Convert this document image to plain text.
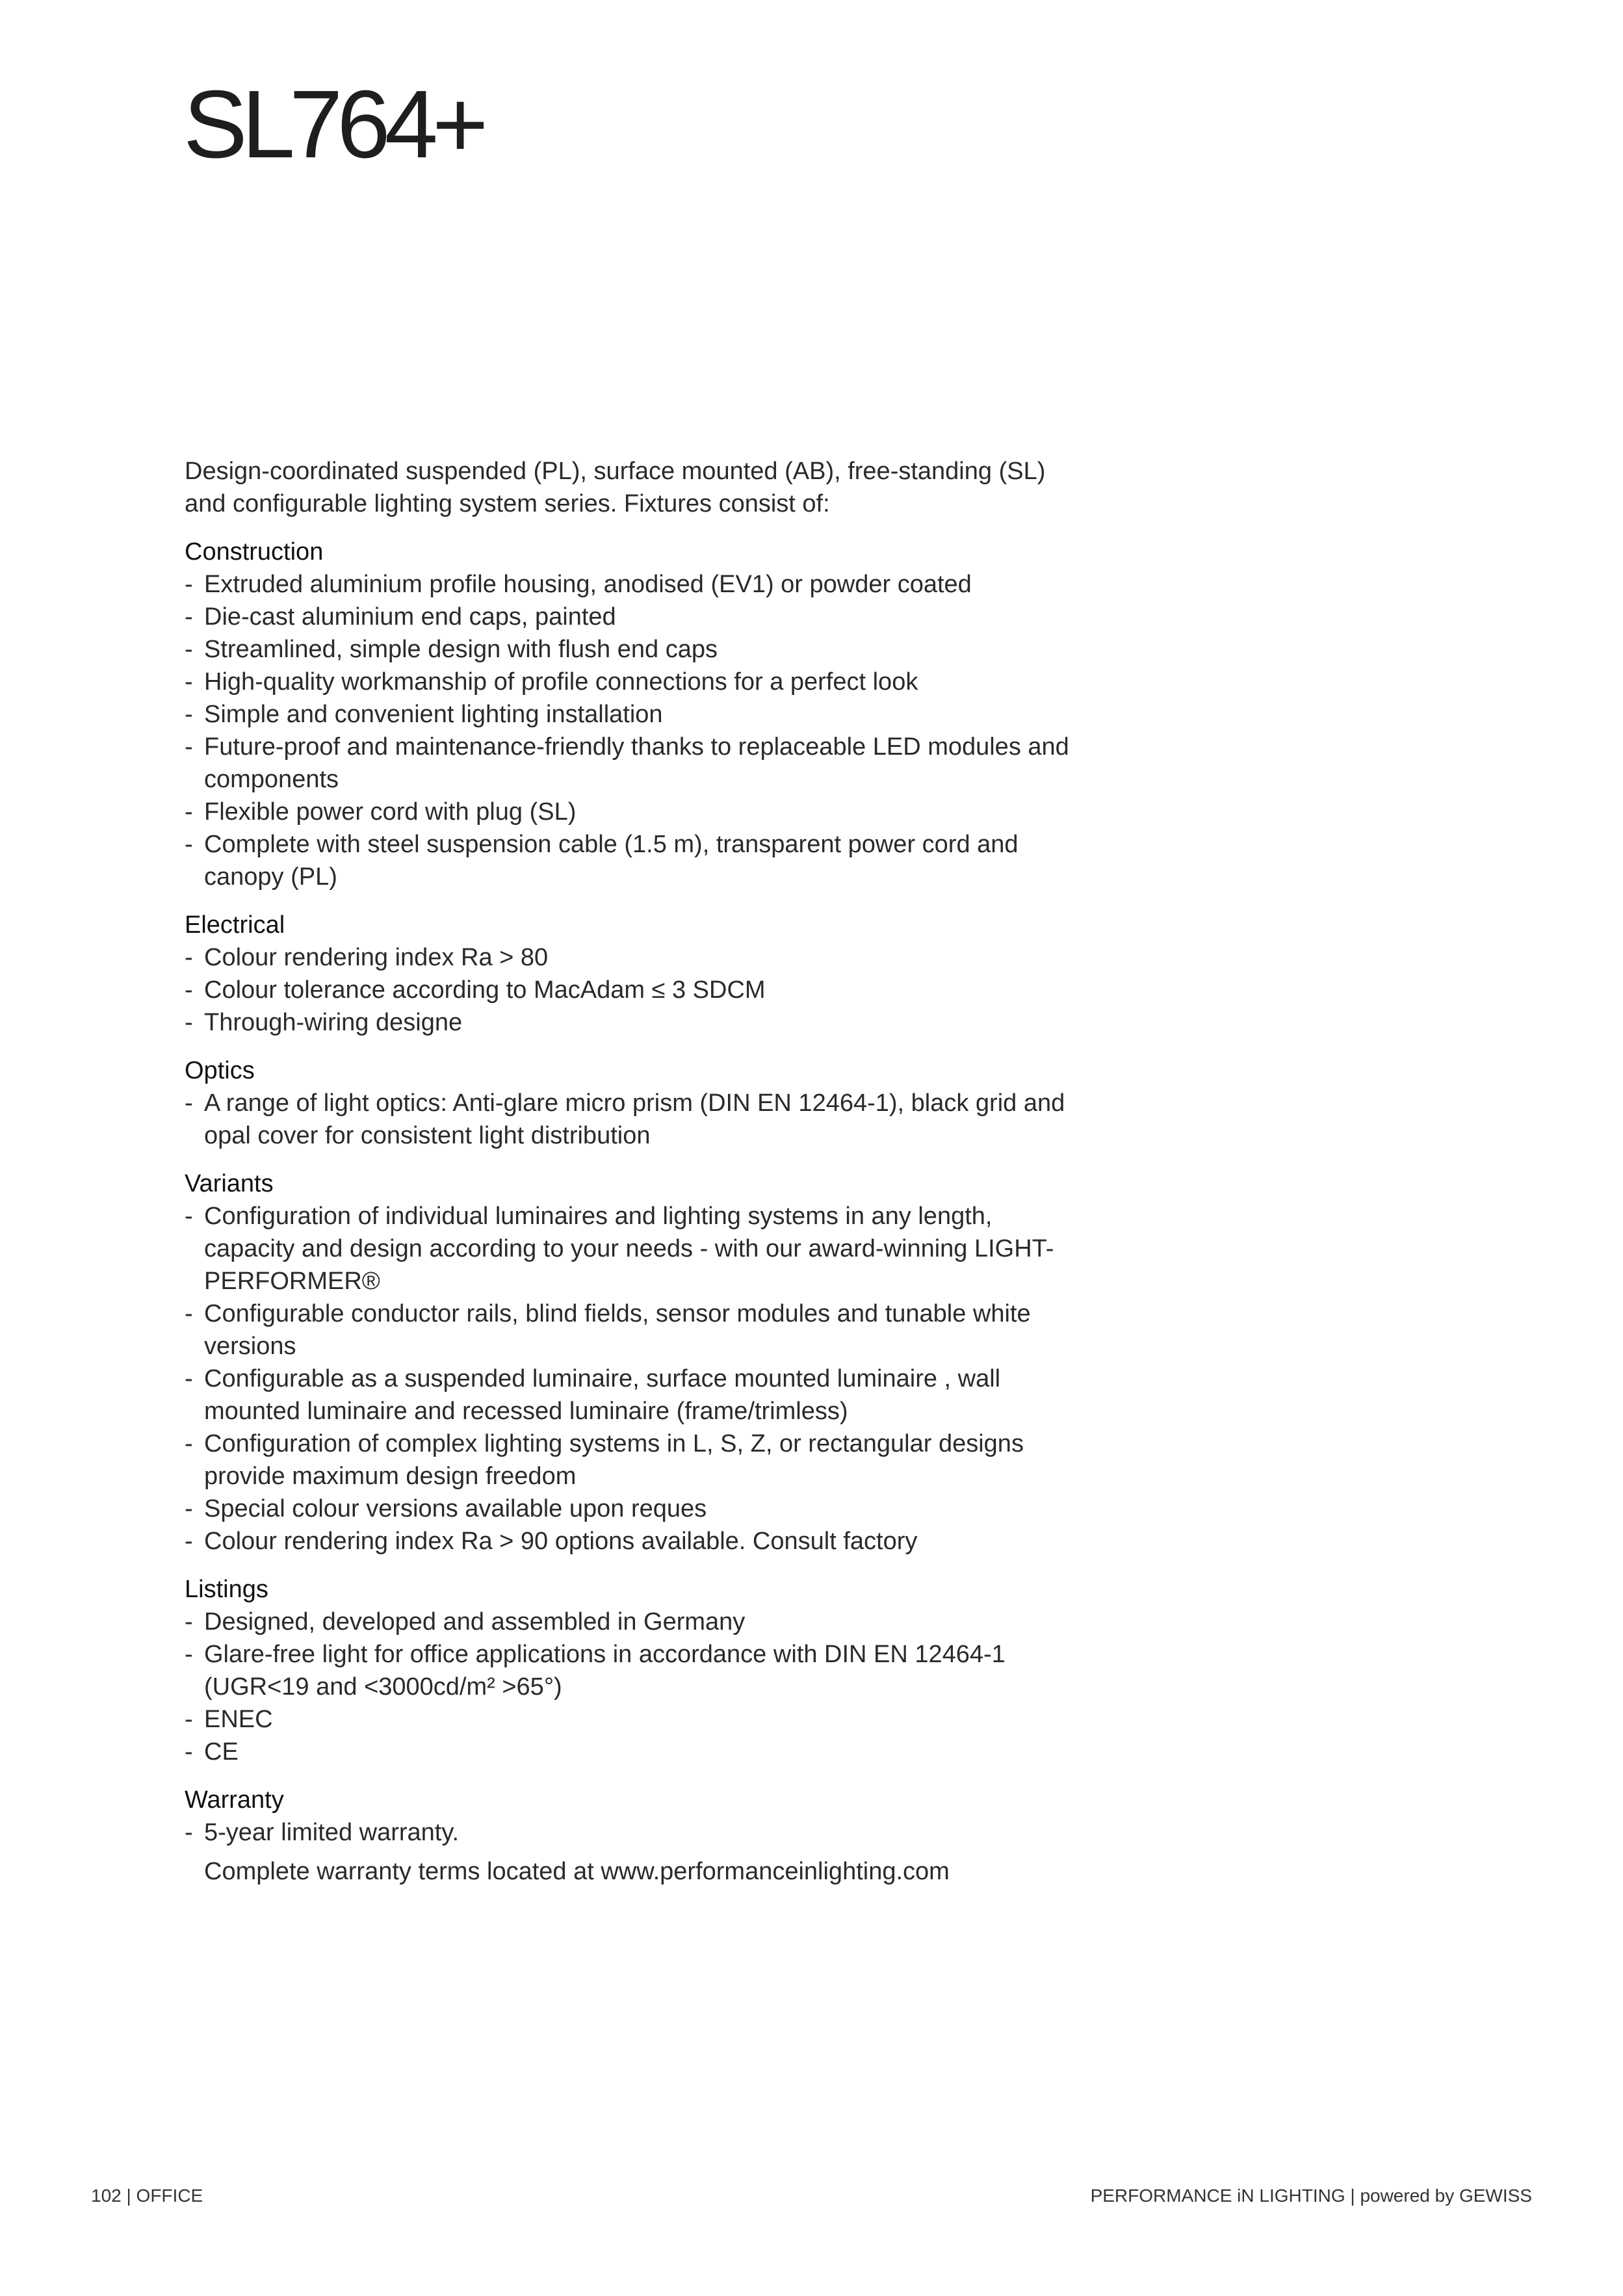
SL764+

Design-coordinated suspended (PL), surface mounted (AB), free-standing (SL) and configurable lighting system series. Fixtures consist of:

Construction
- Extruded aluminium profile housing, anodised (EV1) or powder coated
- Die-cast aluminium end caps, painted
- Streamlined, simple design with flush end caps
- High-quality workmanship of profile connections for a perfect look
- Simple and convenient lighting installation
- Future-proof and maintenance-friendly thanks to replaceable LED modules and components
- Flexible power cord with plug (SL)
- Complete with steel suspension cable (1.5 m), transparent power cord and canopy (PL)
Electrical
- Colour rendering index Ra > 80
- Colour tolerance according to MacAdam ≤ 3 SDCM
- Through-wiring designe
Optics
- A range of light optics: Anti-glare micro prism (DIN EN 12464-1), black grid and opal cover for consistent light distribution
Variants
- Configuration of individual luminaires and lighting systems in any length, capacity and design according to your needs - with our award-winning LIGHT-PERFORMER®
- Configurable conductor rails, blind fields, sensor modules and tunable white versions
- Configurable as a suspended luminaire, surface mounted luminaire , wall mounted luminaire and recessed luminaire (frame/trimless)
- Configuration of complex lighting systems in L, S, Z, or rectangular designs provide maximum design freedom
- Special colour versions available upon reques
- Colour rendering index Ra > 90 options available. Consult factory
Listings
- Designed, developed and assembled in Germany
- Glare-free light for office applications in accordance with DIN EN 12464-1 (UGR<19 and <3000cd/m² >65°)
- ENEC
- CE
Warranty
- 5-year limited warranty.
Complete warranty terms located at www.performanceinlighting.com
102 | OFFICE	PERFORMANCE iN LIGHTING | powered by GEWISS
